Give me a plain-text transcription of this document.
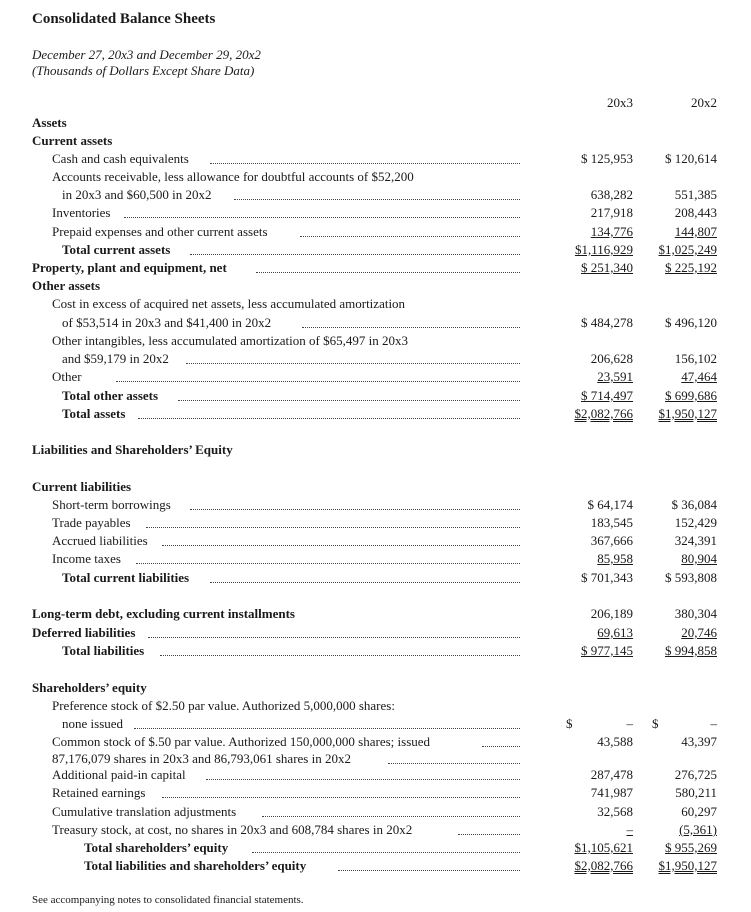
Consolidated Balance Sheets
December 27, 20x3 and December 29, 20x2
(Thousands of Dollars Except Share Data)
20x3	20x2
Assets
Current assets
Cash and cash equivalents	$ 125,953 $ 120,614
Accounts receivable, less allowance for doubtful accounts of $52,200
in 20x3 and $60,500 in 20x2	638,282	551,385
Inventories	217,918	208,443
Prepaid expenses and other current assets	134,776	144,807
Total current assets	$1,116,929 $1,025,249
Property, plant and equipment, net	$ 251,340 $ 225,192
Other assets
Cost in excess of acquired net assets, less accumulated amortization
of $53,514 in 20x3 and $41,400 in 20x2	$ 484,278 $ 496,120
Other intangibles, less accumulated amortization of $65,497 in 20x3
and $59,179 in 20x2	206,628	156,102
Other	23,591	47,464
Total other assets	$ 714,497 $ 699,686
Total assets	$2,082,766 $1,950,127
Liabilities and Shareholders’ Equity
Current liabilities
Short-term borrowings	$ 64,174	$ 36,084
Trade payables	183,545	152,429
Accrued liabilities	367,666	324,391
Income taxes	85,958	80,904
Total current liabilities	$ 701,343 $ 593,808
Long-term debt, excluding current installments	206,189	380,304
Deferred liabilities	69,613	20,746
Total liabilities	$ 977,145 $ 994,858
Shareholders’ equity
Preference stock of $2.50 par value. Authorized 5,000,000 shares:
none issued	$	– $	–
Common stock of $.50 par value. Authorized 150,000,000 shares; issued
87,176,079 shares in 20x3 and 86,793,061 shares in 20x2
43,588	43,397
Additional paid-in capital	287,478	276,725
Retained earnings	741,987	580,211
Cumulative translation adjustments	32,568	60,297
Treasury stock, at cost, no shares in 20x3 and 608,784 shares in 20x2	–	(5,361)
Total shareholders’ equity	$1,105,621 $ 955,269
Total liabilities and shareholders’ equity	$2,082,766 $1,950,127
See accompanying notes to consolidated financial statements.
